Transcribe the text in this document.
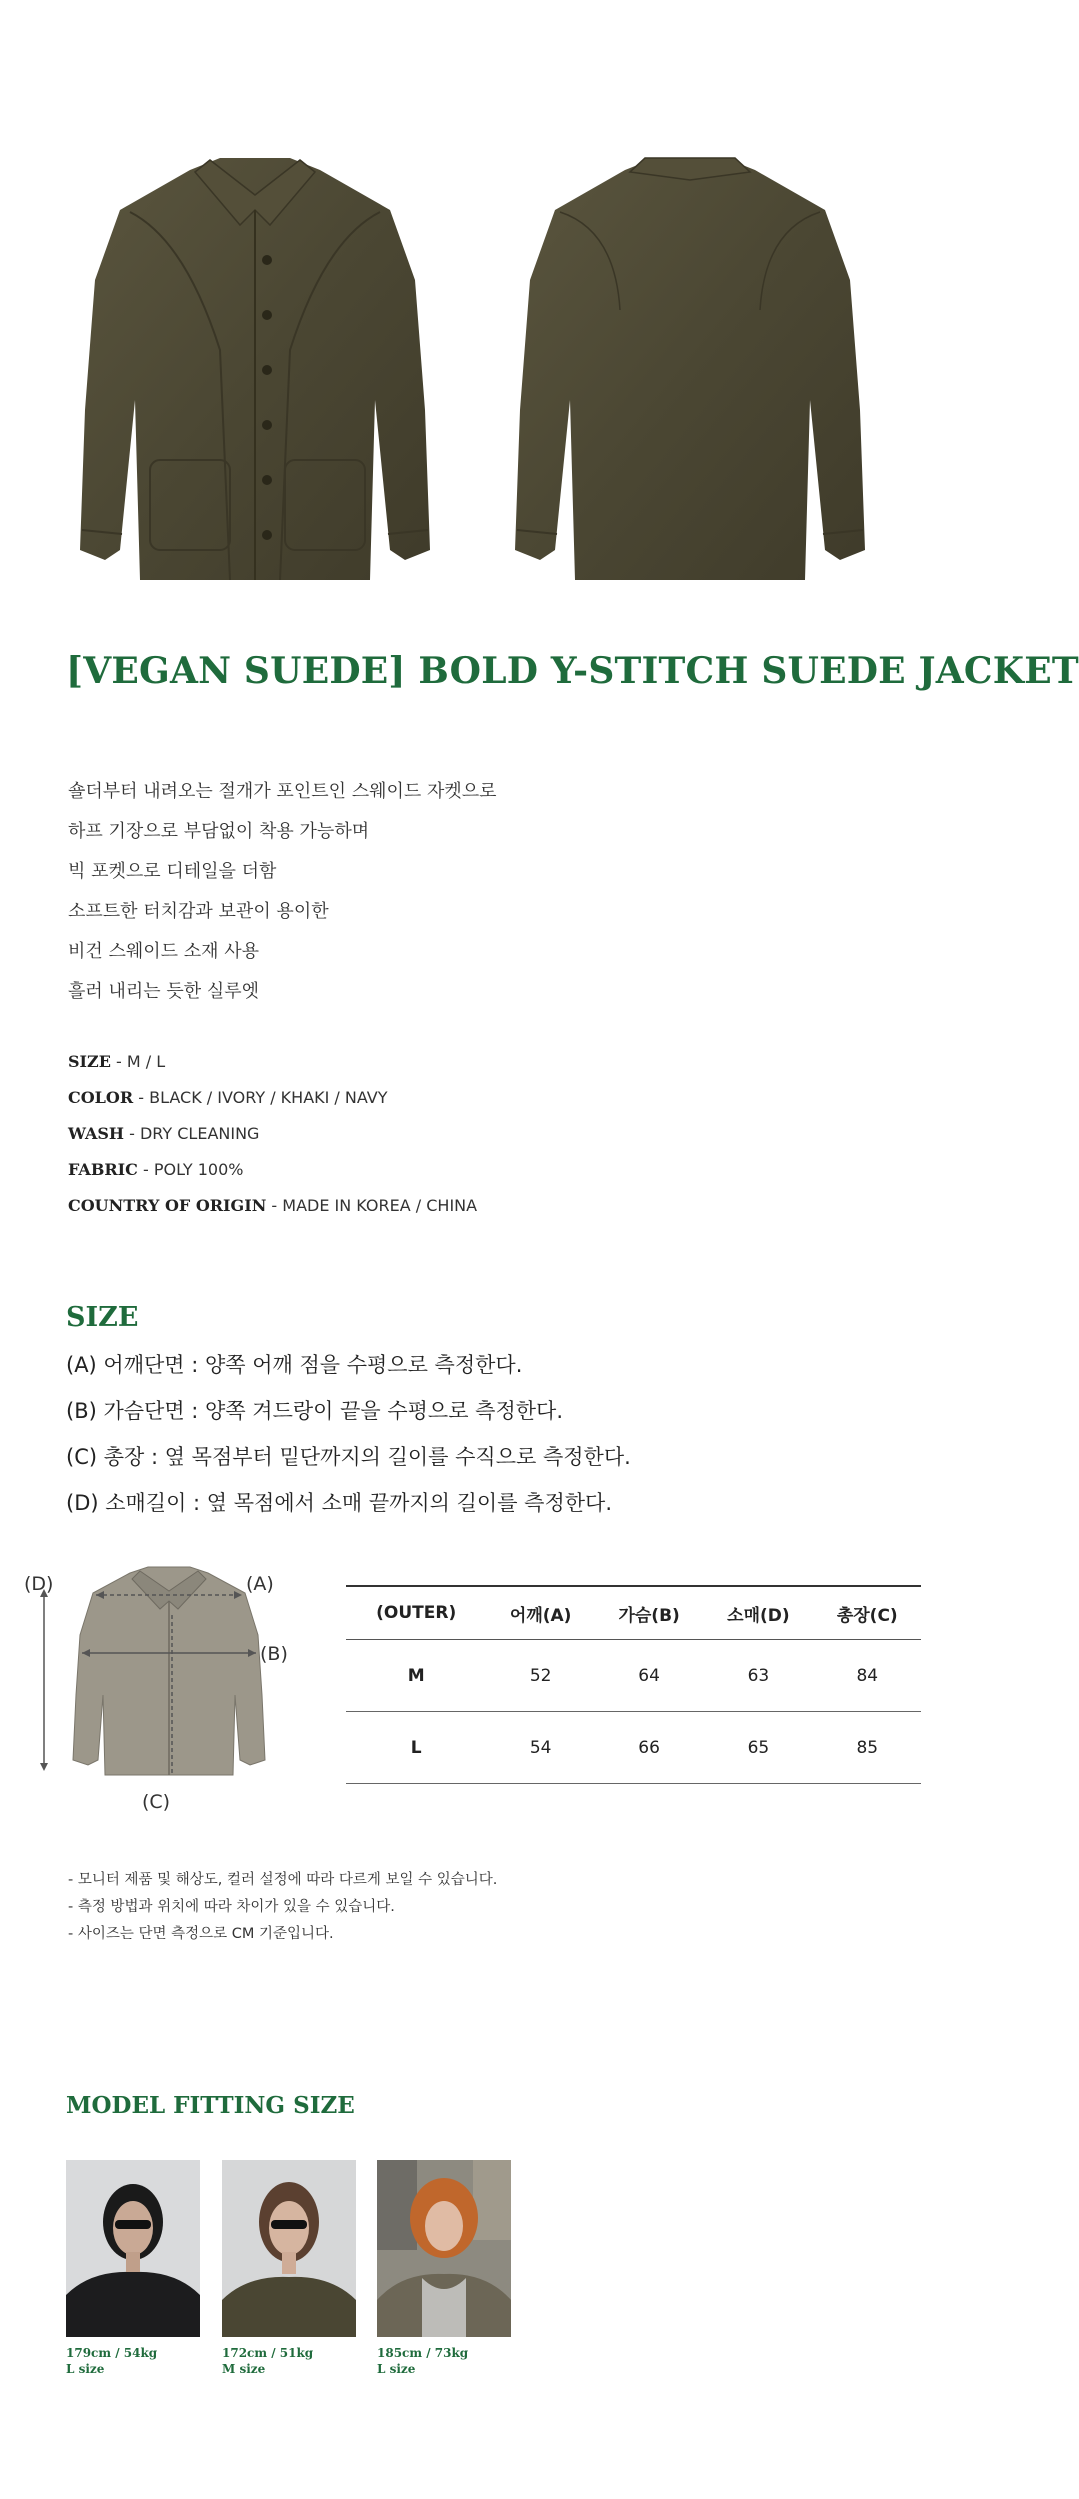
[VEGAN SUEDE] BOLD Y-STITCH SUEDE JACKET
숄더부터 내려오는 절개가 포인트인 스웨이드 자켓으로
하프 기장으로 부담없이 착용 가능하며
빅 포켓으로 디테일을 더함
소프트한 터치감과 보관이 용이한
비건 스웨이드 소재 사용
흘러 내리는 듯한 실루엣
SIZE - M / L
COLOR - BLACK / IVORY / KHAKI / NAVY
WASH - DRY CLEANING
FABRIC - POLY 100%
COUNTRY OF ORIGIN - MADE IN KOREA / CHINA
SIZE
(A) 어깨단면 : 양쪽 어깨 점을 수평으로 측정한다.
(B) 가슴단면 : 양쪽 겨드랑이 끝을 수평으로 측정한다.
(C) 총장 : 옆 목점부터 밑단까지의 길이를 수직으로 측정한다.
(D) 소매길이 : 옆 목점에서 소매 끝까지의 길이를 측정한다.
(A)
(B)
(C)
(D)
(OUTER)	어깨(A)	가슴(B)	소매(D)	총장(C)
M	52	64	63	84
L	54	66	65	85
- 모니터 제품 및 해상도, 컬러 설정에 따라 다르게 보일 수 있습니다.
- 측정 방법과 위치에 따라 차이가 있을 수 있습니다.
- 사이즈는 단면 측정으로 CM 기준입니다.
MODEL FITTING SIZE
179cm / 54kg
L size
172cm / 51kg
M size
185cm / 73kg
L size
